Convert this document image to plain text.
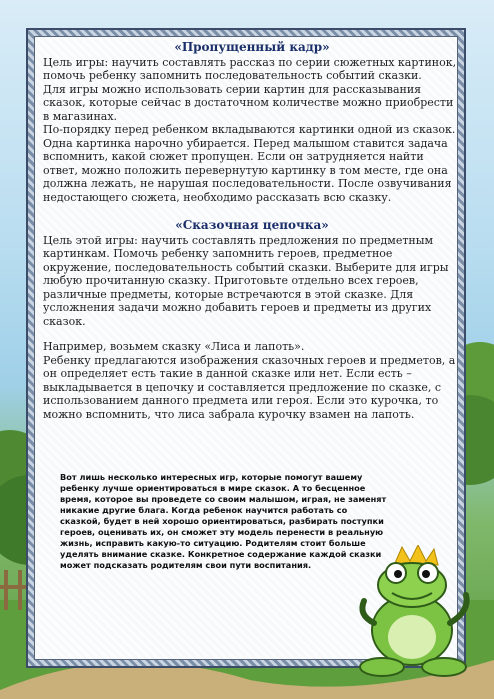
«Пропущенный кадр»

Цель игры: научить составлять рассказ по серии сюжетных картинок, помочь ребенку запомнить последовательность событий сказки.

Для игры можно использовать серии картин для рассказывания сказок, которые сейчас в достаточном количестве можно приобрести в магазинах.

По-порядку перед ребенком вкладываются картинки одной из сказок. Одна картинка нарочно убирается. Перед малышом ставится задача вспомнить, какой сюжет пропущен. Если он затрудняется найти ответ, можно положить перевернутую картинку в том месте, где она должна лежать, не нарушая последовательности. После озвучивания недостающего сюжета, необходимо рассказать всю сказку.

«Сказочная цепочка»

Цель этой игры: научить составлять предложения по предметным картинкам. Помочь ребенку запомнить героев, предметное окружение, последовательность событий сказки. Выберите для игры любую прочитанную сказку. Приготовьте отдельно всех героев, различные предметы, которые встречаются в этой сказке. Для усложнения задачи можно добавить героев и предметы из других сказок.

Например, возьмем сказку «Лиса и лапоть».

Ребенку предлагаются изображения сказочных героев и предметов, а он определяет есть такие в данной сказке или нет. Если есть – выкладывается в цепочку и составляется предложение по сказке, с использованием данного предмета или героя. Если это курочка, то можно вспомнить, что лиса забрала курочку взамен на лапоть.

Вот лишь несколько интересных игр, которые помогут вашему ребенку лучше ориентироваться в мире сказок. А то бесценное время, которое вы проведете со своим малышом, играя, не заменят никакие другие блага. Когда ребенок научится работать со сказкой, будет в ней хорошо ориентироваться, разбирать поступки героев, оценивать их, он сможет эту модель перенести в реальную жизнь, исправить какую-то ситуацию. Родителям стоит больше уделять внимание сказке. Конкретное содержание каждой сказки может подсказать родителям свои пути воспитания.
